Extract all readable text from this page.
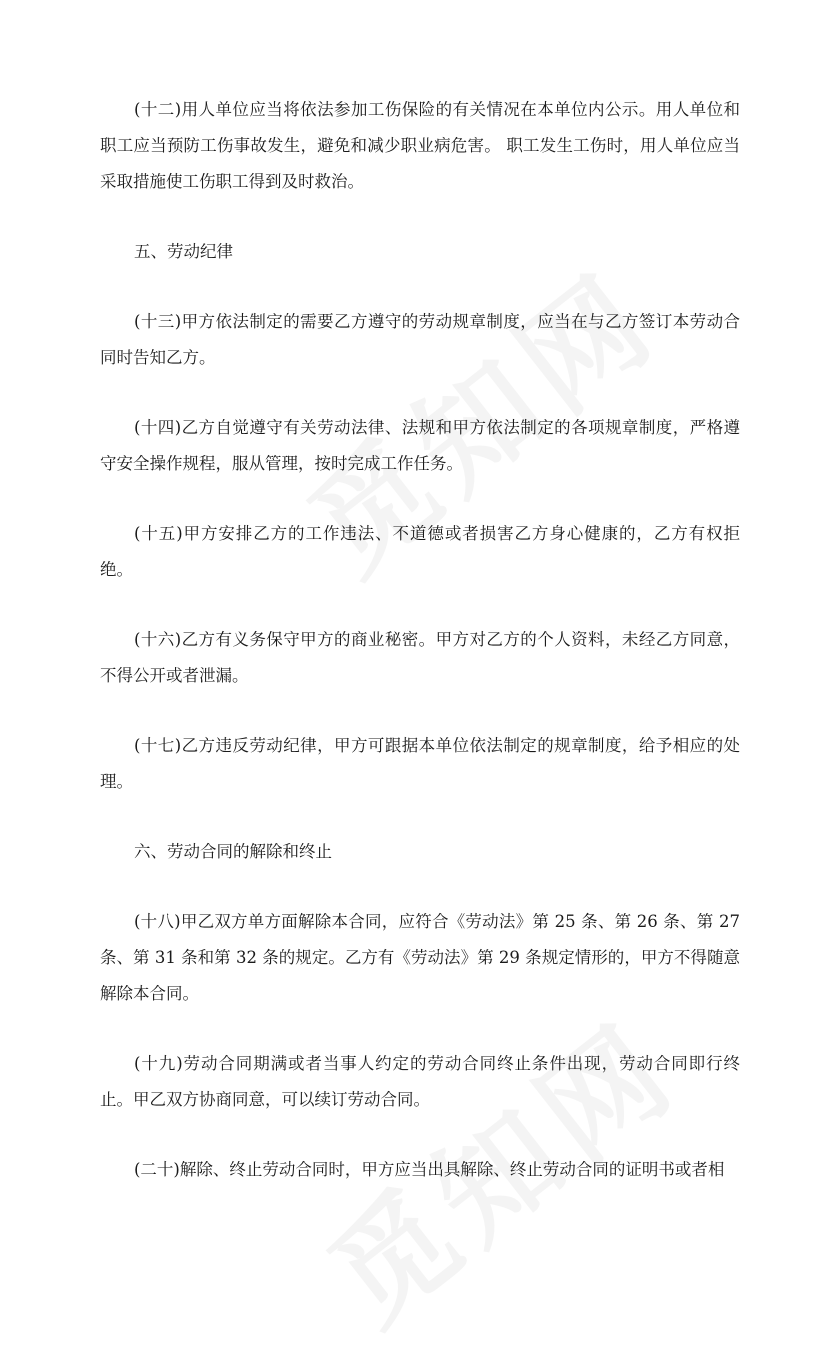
(十二)用人单位应当将依法参加工伤保险的有关情况在本单位内公示。用人单位和职工应当预防工伤事故发生，避免和减少职业病危害。 职工发生工伤时，用人单位应当采取措施使工伤职工得到及时救治。

五、劳动纪律

(十三)甲方依法制定的需要乙方遵守的劳动规章制度，应当在与乙方签订本劳动合同时告知乙方。

(十四)乙方自觉遵守有关劳动法律、法规和甲方依法制定的各项规章制度，严格遵守安全操作规程，服从管理，按时完成工作任务。

(十五)甲方安排乙方的工作违法、不道德或者损害乙方身心健康的，乙方有权拒绝。

(十六)乙方有义务保守甲方的商业秘密。甲方对乙方的个人资料，未经乙方同意，不得公开或者泄漏。

(十七)乙方违反劳动纪律，甲方可跟据本单位依法制定的规章制度，给予相应的处理。

六、劳动合同的解除和终止

(十八)甲乙双方单方面解除本合同，应符合《劳动法》第 25 条、第 26 条、第 27 条、第 31 条和第 32 条的规定。乙方有《劳动法》第 29 条规定情形的，甲方不得随意解除本合同。

(十九)劳动合同期满或者当事人约定的劳动合同终止条件出现，劳动合同即行终止。甲乙双方协商同意，可以续订劳动合同。

(二十)解除、终止劳动合同时，甲方应当出具解除、终止劳动合同的证明书或者相
